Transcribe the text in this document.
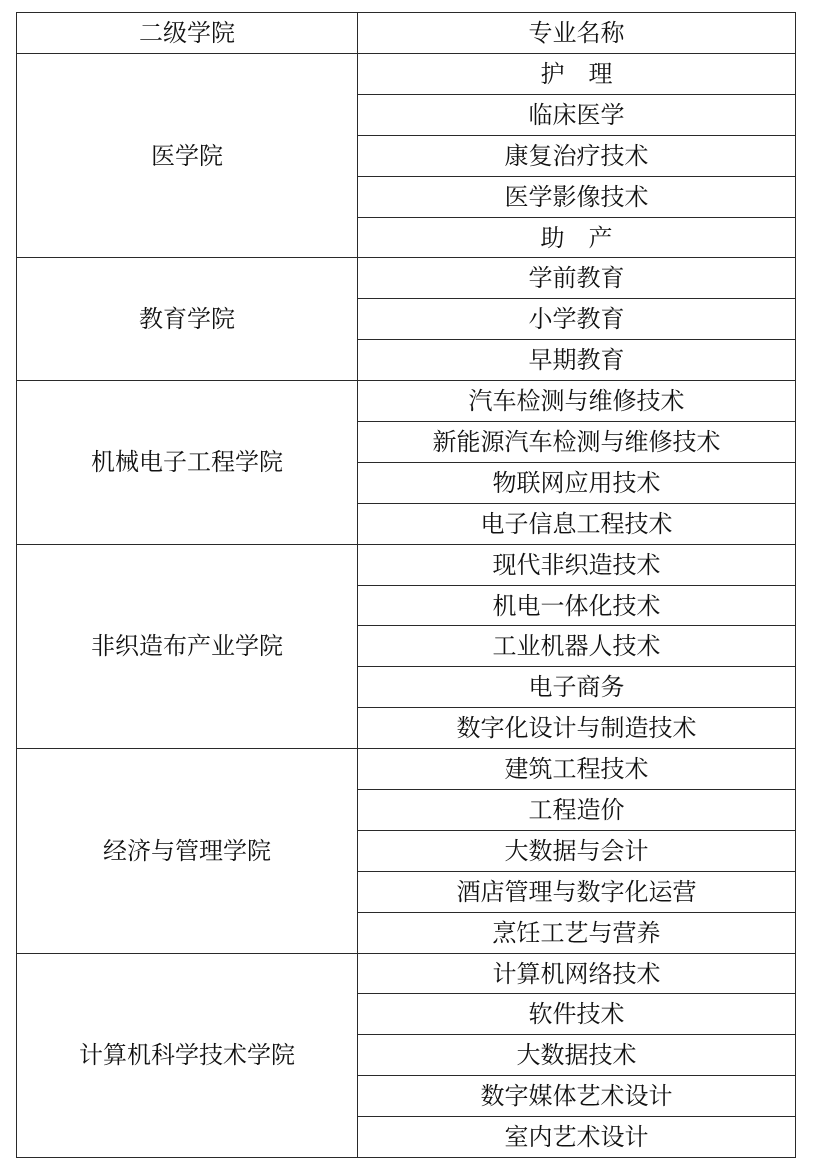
二级学院	专业名称
医学院	护　理
	临床医学
	康复治疗技术
	医学影像技术
	助　产
教育学院	学前教育
	小学教育
	早期教育
机械电子工程学院	汽车检测与维修技术
	新能源汽车检测与维修技术
	物联网应用技术
	电子信息工程技术
非织造布产业学院	现代非织造技术
	机电一体化技术
	工业机器人技术
	电子商务
	数字化设计与制造技术
经济与管理学院	建筑工程技术
	工程造价
	大数据与会计
	酒店管理与数字化运营
	烹饪工艺与营养
计算机科学技术学院	计算机网络技术
	软件技术
	大数据技术
	数字媒体艺术设计
	室内艺术设计
